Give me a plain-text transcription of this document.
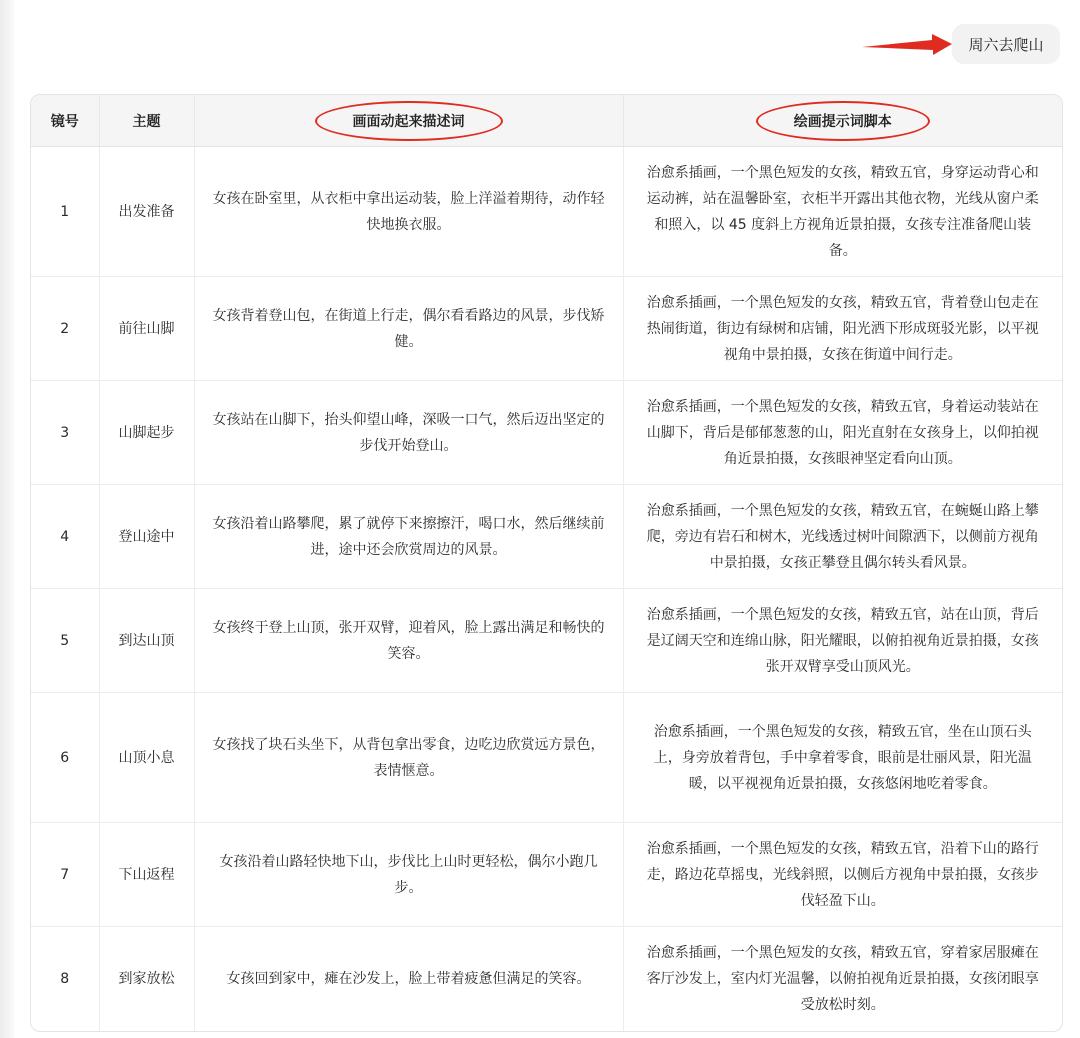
周六去爬山
镜号	主题	画面动起来描述词	绘画提示词脚本
1	出发准备	女孩在卧室里，从衣柜中拿出运动装，脸上洋溢着期待，动作轻快地换衣服。	治愈系插画，一个黑色短发的女孩，精致五官，身穿运动背心和运动裤，站在温馨卧室，衣柜半开露出其他衣物，光线从窗户柔和照入，以 45 度斜上方视角近景拍摄，女孩专注准备爬山装备。
2	前往山脚	女孩背着登山包，在街道上行走，偶尔看看路边的风景，步伐矫健。	治愈系插画，一个黑色短发的女孩，精致五官，背着登山包走在热闹街道，街边有绿树和店铺，阳光洒下形成斑驳光影，以平视视角中景拍摄，女孩在街道中间行走。
3	山脚起步	女孩站在山脚下，抬头仰望山峰，深吸一口气，然后迈出坚定的步伐开始登山。	治愈系插画，一个黑色短发的女孩，精致五官，身着运动装站在山脚下，背后是郁郁葱葱的山，阳光直射在女孩身上，以仰拍视角近景拍摄，女孩眼神坚定看向山顶。
4	登山途中	女孩沿着山路攀爬，累了就停下来擦擦汗，喝口水，然后继续前进，途中还会欣赏周边的风景。	治愈系插画，一个黑色短发的女孩，精致五官，在蜿蜒山路上攀爬，旁边有岩石和树木，光线透过树叶间隙洒下，以侧前方视角中景拍摄，女孩正攀登且偶尔转头看风景。
5	到达山顶	女孩终于登上山顶，张开双臂，迎着风，脸上露出满足和畅快的笑容。	治愈系插画，一个黑色短发的女孩，精致五官，站在山顶，背后是辽阔天空和连绵山脉，阳光耀眼，以俯拍视角近景拍摄，女孩张开双臂享受山顶风光。
6	山顶小息	女孩找了块石头坐下，从背包拿出零食，边吃边欣赏远方景色，表情惬意。	治愈系插画，一个黑色短发的女孩，精致五官，坐在山顶石头上，身旁放着背包，手中拿着零食，眼前是壮丽风景，阳光温暖，以平视视角近景拍摄，女孩悠闲地吃着零食。
7	下山返程	女孩沿着山路轻快地下山，步伐比上山时更轻松，偶尔小跑几步。	治愈系插画，一个黑色短发的女孩，精致五官，沿着下山的路行走，路边花草摇曳，光线斜照，以侧后方视角中景拍摄，女孩步伐轻盈下山。
8	到家放松	女孩回到家中，瘫在沙发上，脸上带着疲惫但满足的笑容。	治愈系插画，一个黑色短发的女孩，精致五官，穿着家居服瘫在客厅沙发上，室内灯光温馨，以俯拍视角近景拍摄，女孩闭眼享受放松时刻。
